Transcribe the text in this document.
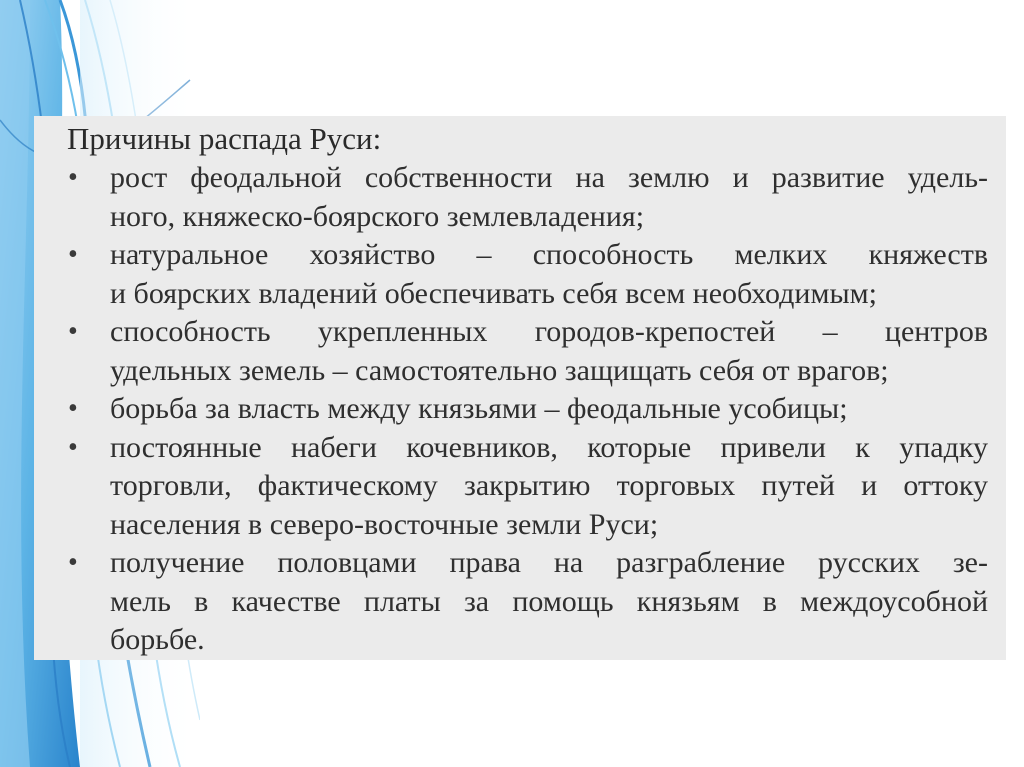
Причины распада Руси:
• рост феодальной собственности на землю и развитие удель-
ного, княжеско-боярского землевладения;
• натуральное хозяйство – способность мелких княжеств
и боярских владений обеспечивать себя всем необходимым;
• способность укрепленных городов-крепостей – центров
удельных земель – самостоятельно защищать себя от врагов;
• борьба за власть между князьями – феодальные усобицы;
• постоянные набеги кочевников, которые привели к упадку
торговли, фактическому закрытию торговых путей и оттоку
населения в северо-восточные земли Руси;
• получение половцами права на разграбление русских зе-
мель в качестве платы за помощь князьям в междоусобной
борьбе.
